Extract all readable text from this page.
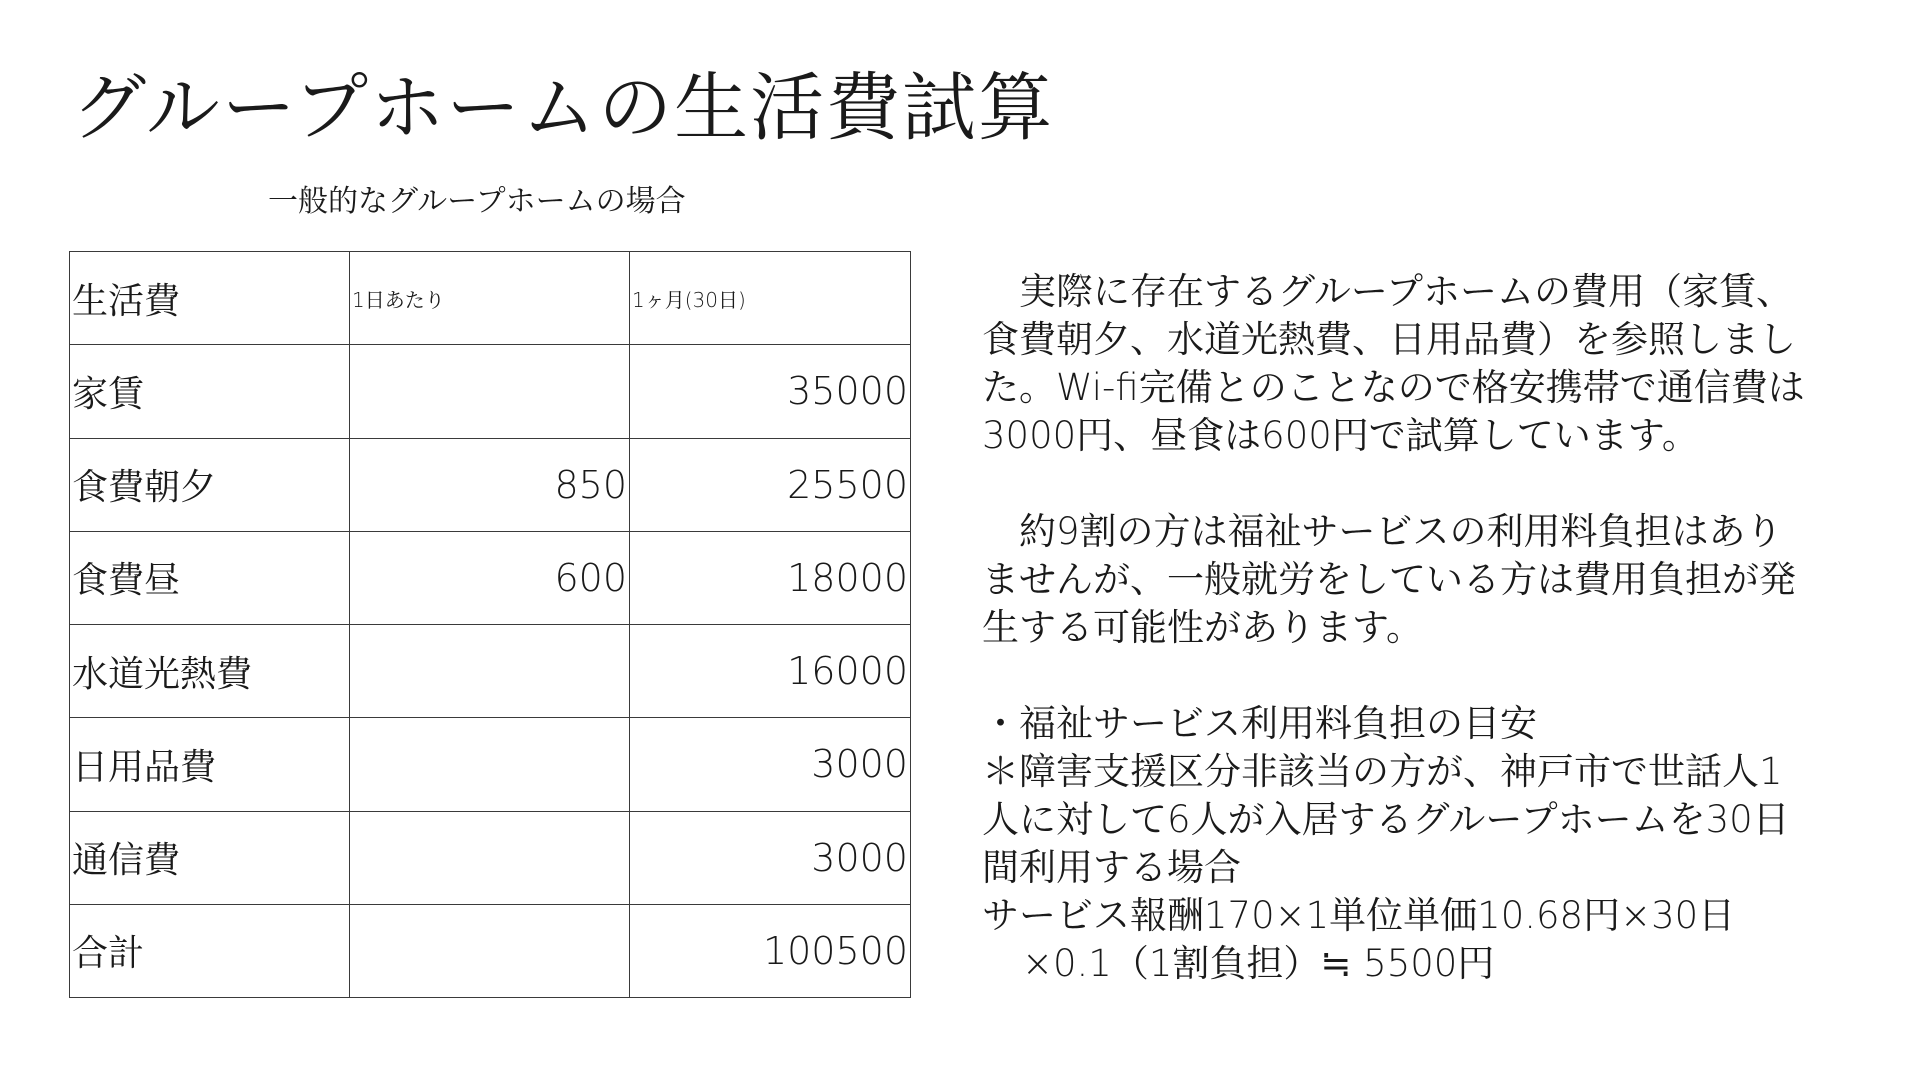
グループホームの生活費試算
一般的なグループホームの場合
生活費	1日あたり	1ヶ月(30日)
家賃		35000
食費朝夕	850	25500
食費昼	600	18000
水道光熱費		16000
日用品費		3000
通信費		3000
合計		100500

　実際に存在するグループホームの費用（家賃、

食費朝夕、水道光熱費、日用品費）を参照しまし

た。Wi-fi完備とのことなので格安携帯で通信費は

3000円、昼食は600円で試算しています。

　約9割の方は福祉サービスの利用料負担はあり

ませんが、一般就労をしている方は費用負担が発

生する可能性があります。

・福祉サービス利用料負担の目安

＊障害支援区分非該当の方が、神戸市で世話人1

人に対して6人が入居するグループホームを30日

間利用する場合

サービス報酬170×1単位単価10.68円×30日

×0.1（1割負担）≒ 5500円
